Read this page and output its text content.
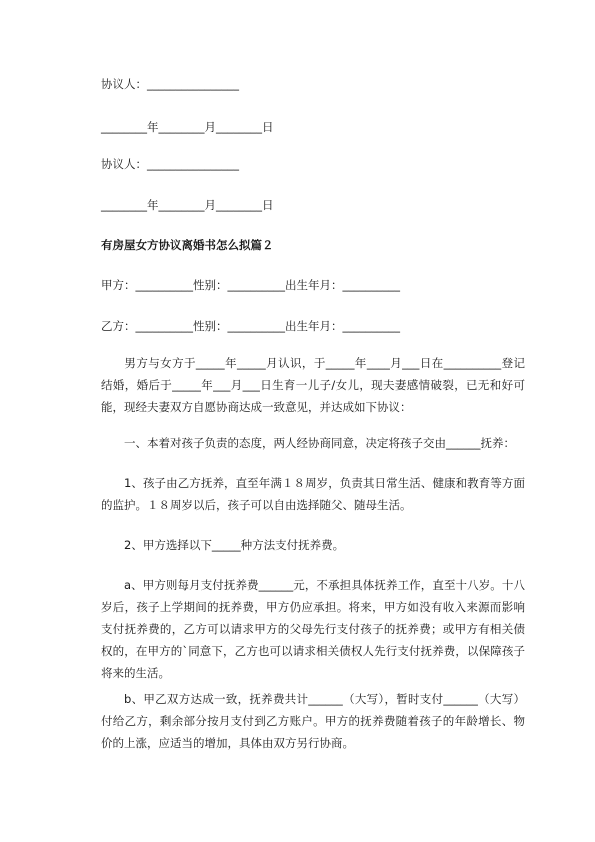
协议人：________________
________年________月________日
协议人：________________
________年________月________日
有房屋女方协议离婚书怎么拟篇２
甲方：__________性别：__________出生年月：__________
乙方：__________性别：__________出生年月：__________
男方与女方于_____年_____月认识，于_____年____月___日在__________登记结婚，婚后于_____年___月___日生育一儿子/女儿，现夫妻感情破裂，已无和好可能，现经夫妻双方自愿协商达成一致意见，并达成如下协议：
一、本着对孩子负责的态度，两人经协商同意，决定将孩子交由______抚养：
1、孩子由乙方抚养，直至年满１８周岁，负责其日常生活、健康和教育等方面的监护。１８周岁以后，孩子可以自由选择随父、随母生活。
2、甲方选择以下_____种方法支付抚养费。
a、甲方则每月支付抚养费______元，不承担具体抚养工作，直至十八岁。十八岁后，孩子上学期间的抚养费，甲方仍应承担。将来，甲方如没有收入来源而影响支付抚养费的，乙方可以请求甲方的父母先行支付孩子的抚养费；或甲方有相关债权的，在甲方的`同意下，乙方也可以请求相关债权人先行支付抚养费，以保障孩子将来的生活。
b、甲乙双方达成一致，抚养费共计______（大写），暂时支付______（大写）付给乙方，剩余部分按月支付到乙方账户。甲方的抚养费随着孩子的年龄增长、物价的上涨，应适当的增加，具体由双方另行协商。
